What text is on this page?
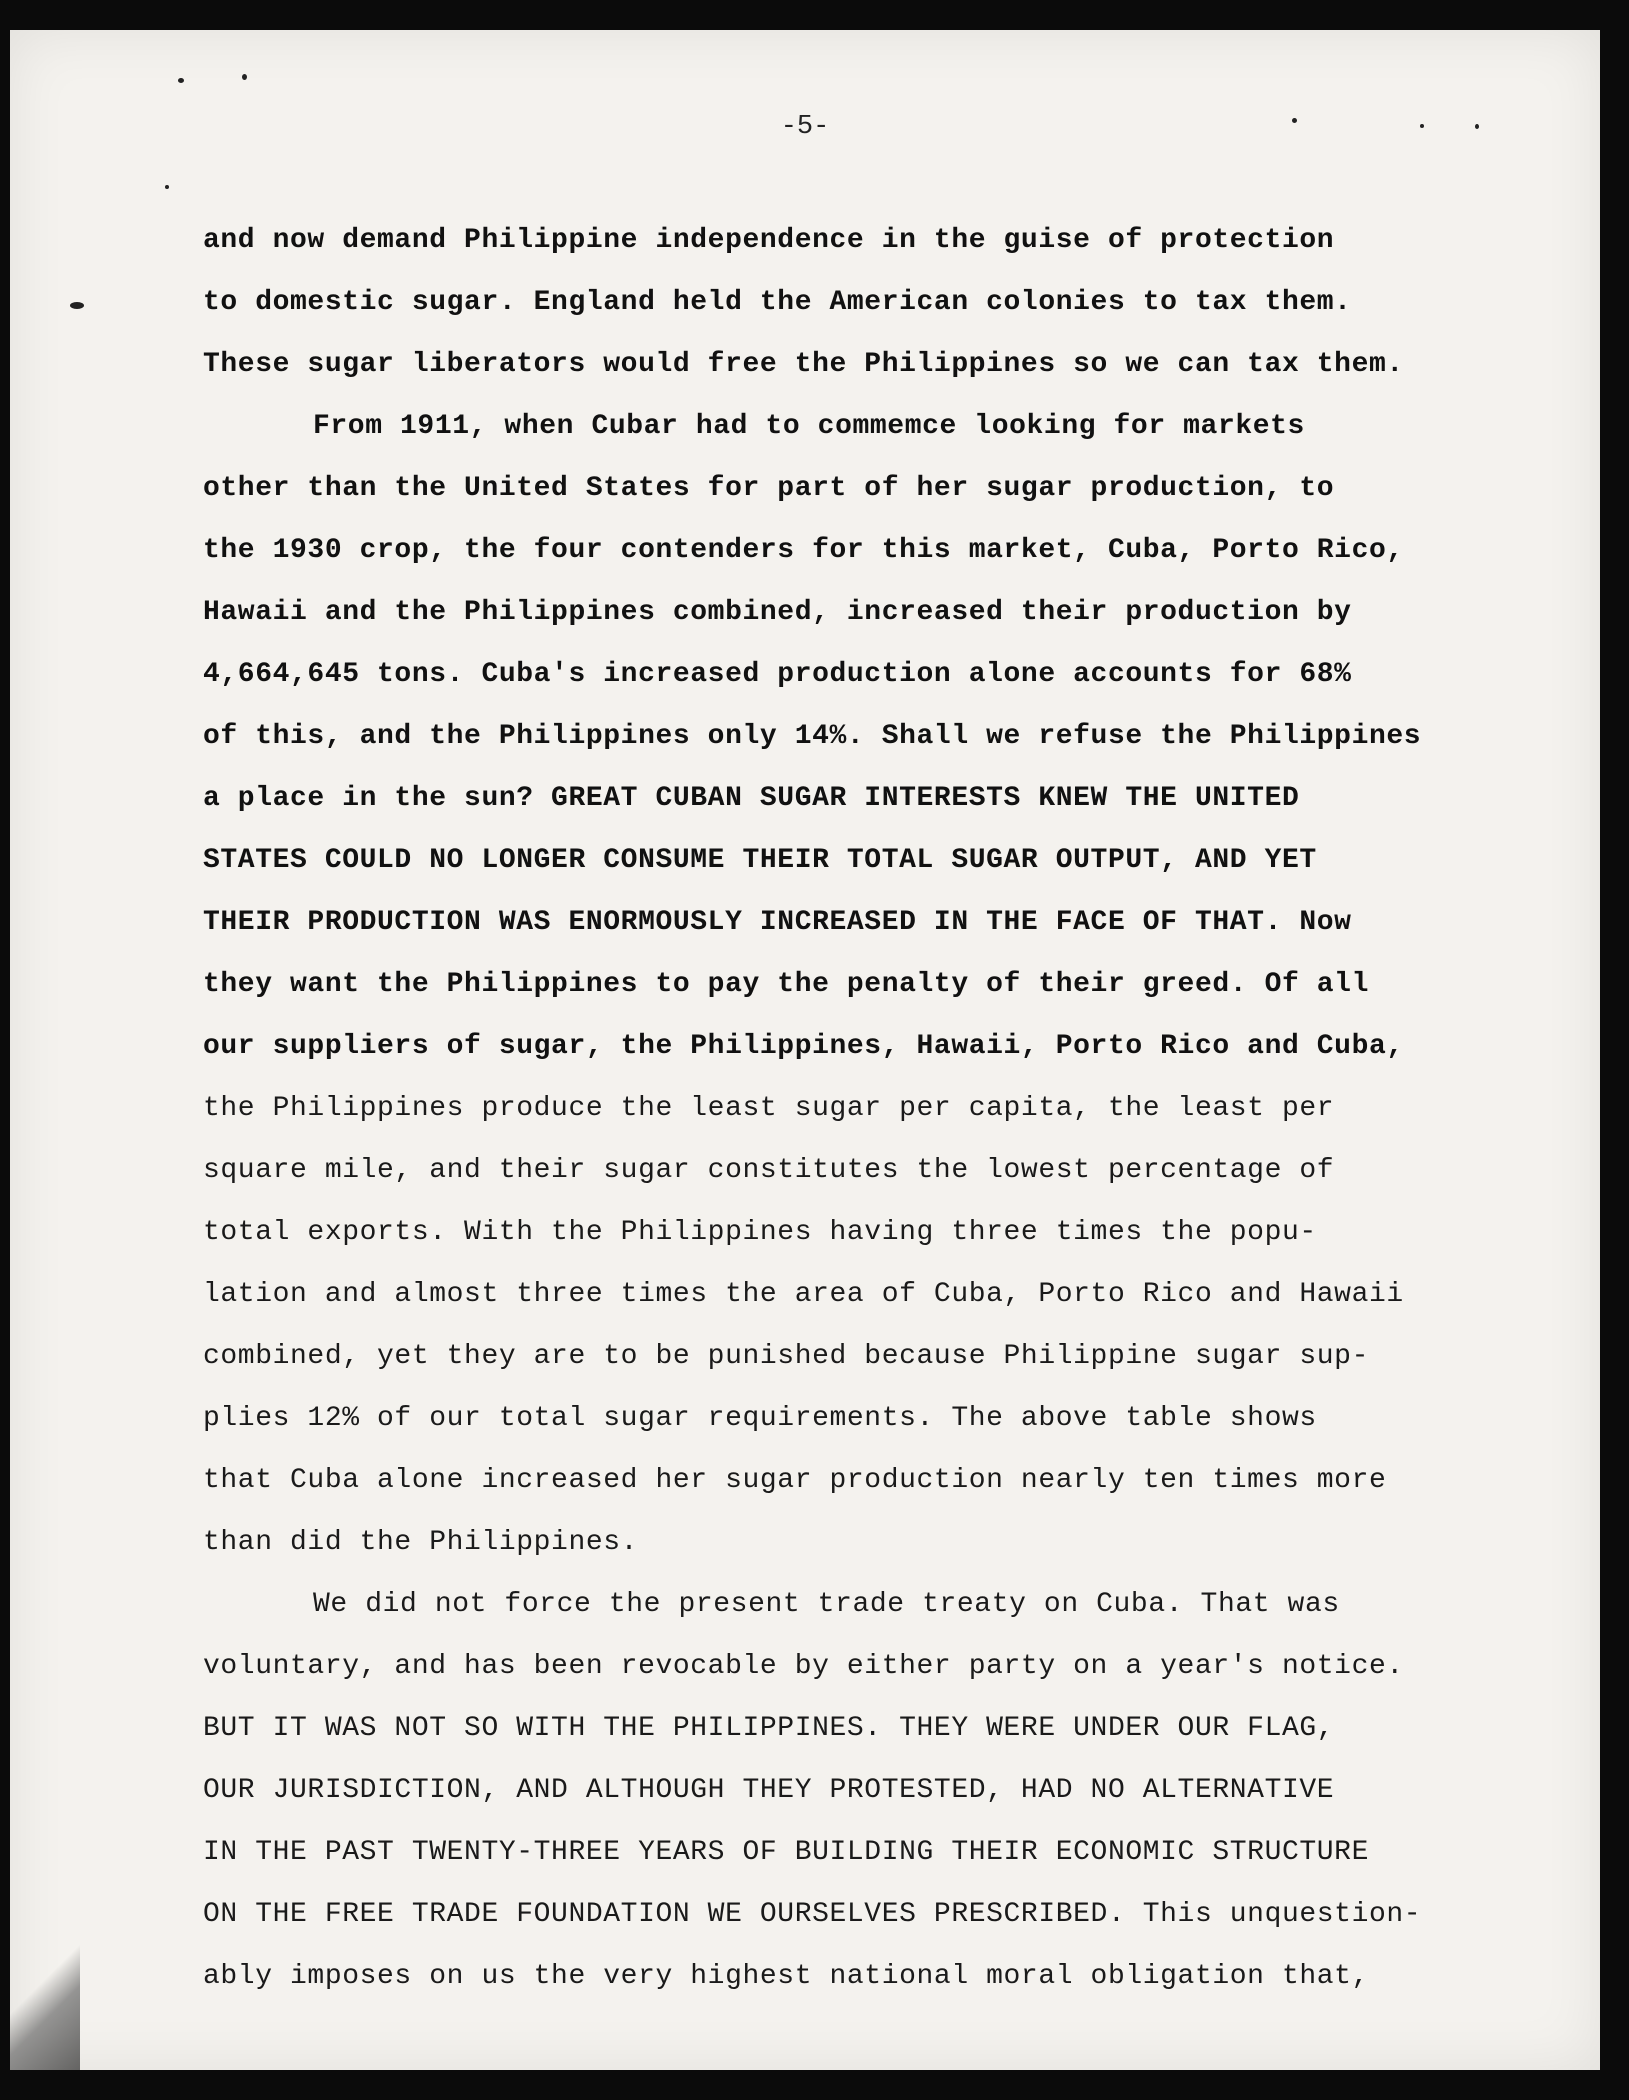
-5-
and now demand Philippine independence in the guise of protection
to domestic sugar. England held the American colonies to tax them.
These sugar liberators would free the Philippines so we can tax them.
From 1911, when Cubar had to commemce looking for markets
other than the United States for part of her sugar production, to
the 1930 crop, the four contenders for this market, Cuba, Porto Rico,
Hawaii and the Philippines combined, increased their production by
4,664,645 tons. Cuba's increased production alone accounts for 68%
of this, and the Philippines only 14%. Shall we refuse the Philippines
a place in the sun? GREAT CUBAN SUGAR INTERESTS KNEW THE UNITED
STATES COULD NO LONGER CONSUME THEIR TOTAL SUGAR OUTPUT, AND YET
THEIR PRODUCTION WAS ENORMOUSLY INCREASED IN THE FACE OF THAT. Now
they want the Philippines to pay the penalty of their greed. Of all
our suppliers of sugar, the Philippines, Hawaii, Porto Rico and Cuba,
the Philippines produce the least sugar per capita, the least per
square mile, and their sugar constitutes the lowest percentage of
total exports. With the Philippines having three times the popu-
lation and almost three times the area of Cuba, Porto Rico and Hawaii
combined, yet they are to be punished because Philippine sugar sup-
plies 12% of our total sugar requirements. The above table shows
that Cuba alone increased her sugar production nearly ten times more
than did the Philippines.
We did not force the present trade treaty on Cuba. That was
voluntary, and has been revocable by either party on a year's notice.
BUT IT WAS NOT SO WITH THE PHILIPPINES. THEY WERE UNDER OUR FLAG,
OUR JURISDICTION, AND ALTHOUGH THEY PROTESTED, HAD NO ALTERNATIVE
IN THE PAST TWENTY-THREE YEARS OF BUILDING THEIR ECONOMIC STRUCTURE
ON THE FREE TRADE FOUNDATION WE OURSELVES PRESCRIBED. This unquestion-
ably imposes on us the very highest national moral obligation that,
